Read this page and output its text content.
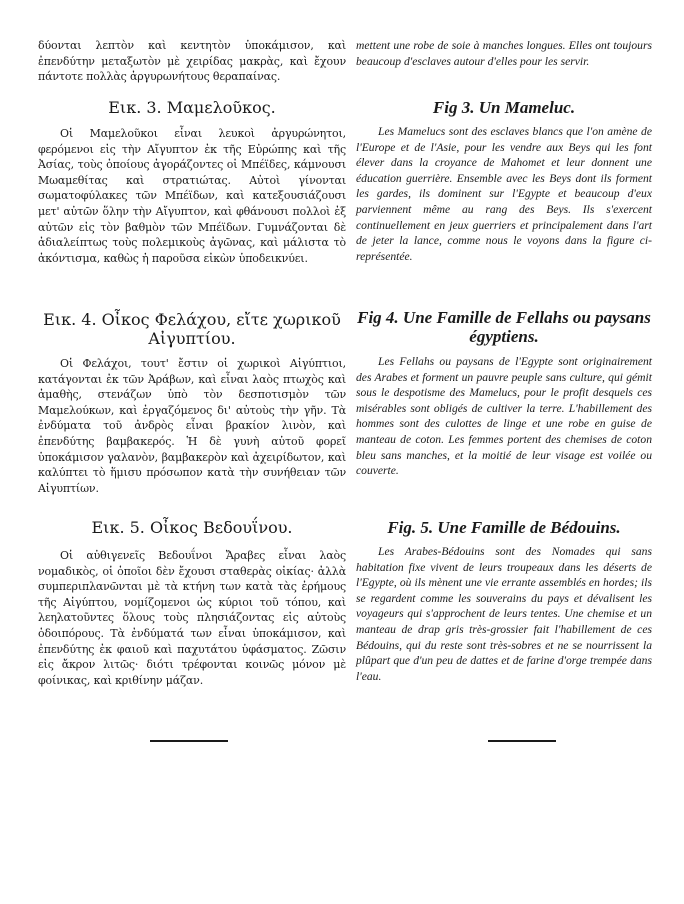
δύονται λεπτὸν καὶ κεντητὸν ὑποκάμισον, καὶ ἐπενδύτην μεταξωτὸν μὲ χειρίδας μακρὰς, καὶ ἔχουν πάντοτε πολλὰς ἀργυρωνήτους θεραπαίνας.

Εικ. 3. Μαμελοῦκος.

Οἱ Μαμελοῦκοι εἶναι λευκοὶ ἀργυρώνητοι, φερόμενοι εἰς τὴν Αἴγυπτον ἐκ τῆς Εὐρώπης καὶ τῆς Ἀσίας, τοὺς ὁποίους ἀγοράζοντες οἱ Μπέϊδες, κάμνουσι Μωαμεθίτας καὶ στρατιώτας. Αὐτοὶ γίνονται σωματοφύλακες τῶν Μπέϊδων, καὶ κατεξουσιάζουσι μετ' αὐτῶν ὅλην τὴν Αἴγυπτον, καὶ φθάνουσι πολλοὶ ἐξ αὐτῶν εἰς τὸν βαθμὸν τῶν Μπέϊδων. Γυμνάζονται δὲ ἀδιαλείπτως τοὺς πολεμικοὺς ἀγῶνας, καὶ μάλιστα τὸ ἀκόντισμα, καθὼς ἡ παροῦσα εἰκὼν ὑποδεικνύει.

Εικ. 4. Οἶκος Φελάχου, εἴτε χωρικοῦ Αἰγυπτίου.

Οἱ Φελάχοι, τουτ' ἔστιν οἱ χωρικοὶ Αἰγύπτιοι, κατάγονται ἐκ τῶν Ἀράβων, καὶ εἶναι λαὸς πτωχὸς καὶ ἀμαθὴς, στενάζων ὑπὸ τὸν δεσποτισμὸν τῶν Μαμελούκων, καὶ ἐργαζόμενος δι' αὐτοὺς τὴν γῆν. Τὰ ἐνδύματα τοῦ ἀνδρὸς εἶναι βρακίον λινὸν, καὶ ἐπενδύτης βαμβακερός. Ἡ δὲ γυνὴ αὐτοῦ φορεῖ ὑποκάμισον γαλανὸν, βαμβακερὸν καὶ ἀχειρίδωτον, καὶ καλύπτει τὸ ἥμισυ πρόσωπον κατὰ τὴν συνήθειαν τῶν Αἰγυπτίων.

Εικ. 5. Οἶκος Βεδουΐνου.

Οἱ αὐθιγενεῖς Βεδουΐνοι Ἄραβες εἶναι λαὸς νομαδικὸς, οἱ ὁποῖοι δὲν ἔχουσι σταθερὰς οἰκίας· ἀλλὰ συμπεριπλανῶνται μὲ τὰ κτήνη των κατὰ τὰς ἐρήμους τῆς Αἰγύπτου, νομίζομενοι ὡς κύριοι τοῦ τόπου, καὶ λεηλατοῦντες ὅλους τοὺς πλησιάζοντας εἰς αὐτοὺς ὁδοιπόρους. Τὰ ἐνδύματά των εἶναι ὑποκάμισον, καὶ ἐπενδύτης ἐκ φαιοῦ καὶ παχυτάτου ὑφάσματος. Ζῶσιν εἰς ἄκρον λιτῶς· διότι τρέφονται κοινῶς μόνον μὲ φοίνικας, καὶ κριθίνην μάζαν.

mettent une robe de soie à manches longues. Elles ont toujours beaucoup d'esclaves autour d'elles pour les servir.

Fig 3. Un Mameluc.

Les Mamelucs sont des esclaves blancs que l'on amène de l'Europe et de l'Asie, pour les vendre aux Beys qui les font élever dans la croyance de Mahomet et leur donnent une éducation guerrière. Ensemble avec les Beys dont ils forment les gardes, ils dominent sur l'Egypte et beaucoup d'eux parviennent même au rang des Beys. Ils s'exercent continuellement en jeux guerriers et principalement dans l'art de jeter la lance, comme nous le voyons dans la figure ci-représentée.

Fig 4. Une Famille de Fellahs ou paysans égyptiens.

Les Fellahs ou paysans de l'Egypte sont originairement des Arabes et forment un pauvre peuple sans culture, qui gémit sous le despotisme des Mamelucs, pour le profit desquels ces misérables sont obligés de cultiver la terre. L'habillement des hommes sont des culottes de linge et une robe en guise de manteau de coton. Les femmes portent des chemises de coton bleu sans manches, et la moitié de leur visage est voilée ou couverte.

Fig. 5. Une Famille de Bédouins.

Les Arabes-Bédouins sont des Nomades qui sans habitation fixe vivent de leurs troupeaux dans les déserts de l'Egypte, où ils mènent une vie errante assemblés en hordes; ils se regardent comme les souverains du pays et dévalisent les voyageurs qui s'approchent de leurs tentes. Une chemise et un manteau de drap gris très-grossier fait l'habillement de ces Bédouins, qui du reste sont très-sobres et ne se nourrissent la plûpart que d'un peu de dattes et de farine d'orge trempée dans l'eau.
